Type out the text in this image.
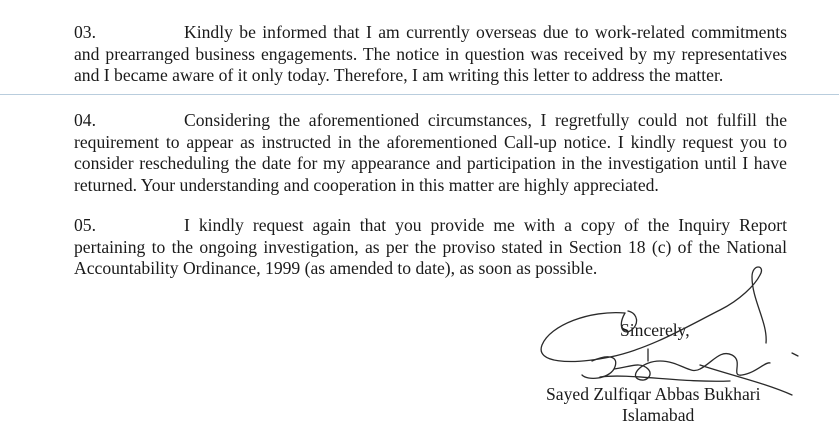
03.	Kindly be informed that I am currently overseas due to work-related commitments and prearranged business engagements. The notice in question was received by my representatives and I became aware of it only today. Therefore, I am writing this letter to address the matter.

04.	Considering the aforementioned circumstances, I regretfully could not fulfill the requirement to appear as instructed in the aforementioned Call-up notice. I kindly request you to consider rescheduling the date for my appearance and participation in the investigation until I have returned. Your understanding and cooperation in this matter are highly appreciated.

05.	I kindly request again that you provide me with a copy of the Inquiry Report pertaining to the ongoing investigation, as per the proviso stated in Section 18 (c) of the National Accountability Ordinance, 1999 (as amended to date), as soon as possible.

Sincerely,
Sayed Zulfiqar Abbas Bukhari
Islamabad
